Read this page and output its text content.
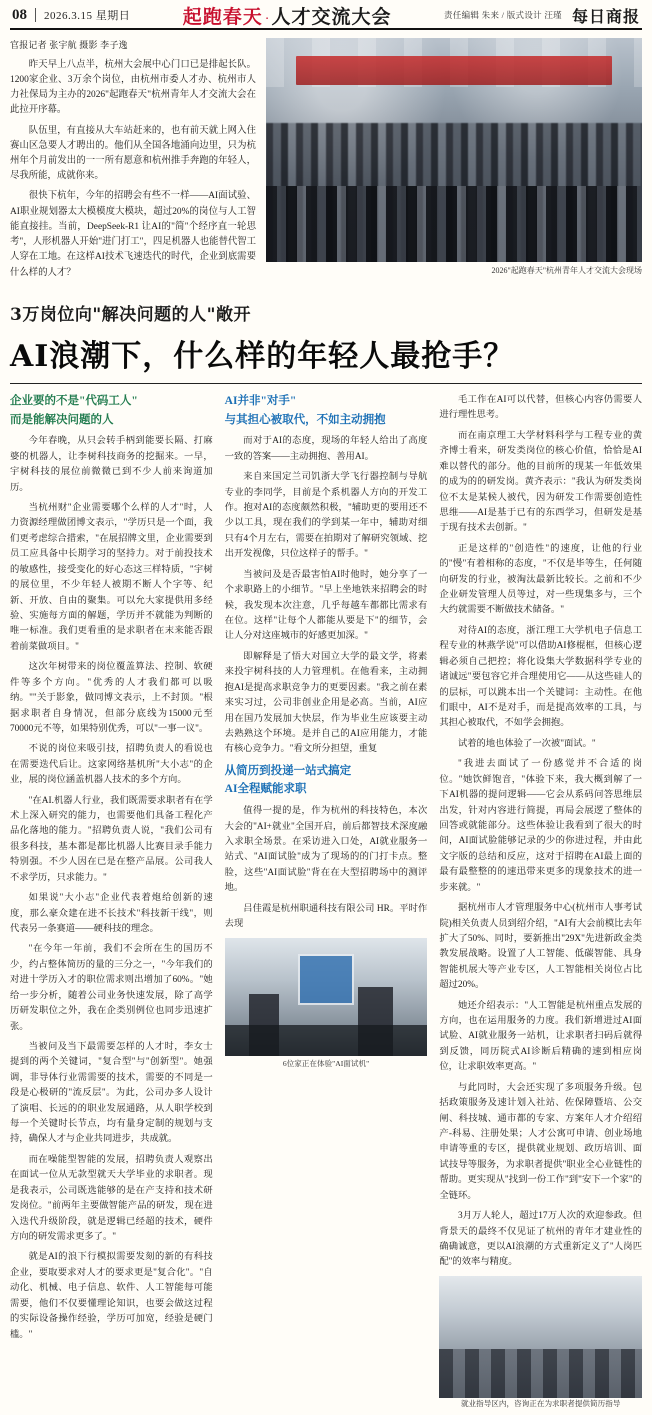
08 2026.3.15 星期日	起跑春天 · 人才交流大会	责任编辑 朱来 / 版式设计 汪瑾 每日商报
官报记者 张宇航 摄影 李子逸

昨天早上八点半，杭州大会展中心门口已是排起长队。1200家企业、3万余个岗位，由杭州市委人才办、杭州市人力社保局为主办的2026"起跑春天"杭州青年人才交流大会在此拉开序幕。

队伍里，有直接从大车站赶来的，也有前天就上网入住赛山区急要人才聘出的。他们从全国各地涌向边里，只为杭州年个月前发出的一一所有愿意和杭州推手奔跑的年轻人，尽我所能，成就你来。

很快下杭年，今年的招聘会有些不一样——AI面试验、AI职业规划器太大模模度大模块，超过20%的岗位与人工智能直接挂。当前，DeepSeek-R1 让AI的"简"个经序直一轮思考"，人形机器人开始"进门打工"，四足机器人也能替代智工人穿在工地。在这样AI技术飞速迭代的时代，企业到底需要什么样的人才？	2026"起跑春天"杭州青年人才交流大会现场
3万岗位向"解决问题的人"敞开
AI浪潮下，什么样的年轻人最抢手？
企业要的不是"代码工人"
而是能解决问题的人

今年春晚，从只会转手柄到能要长隔、打麻婆的机器人，让李树科技商务的挖掘来。一早，宇树科技的展位前微微已到不少人前来询道加历。

当杭州财"企业需要哪个么样的人才"时，人力资源经理做团博文表示，"学历只是一个面，我们更考虑综合措索，"在展招牌文里，企业需要到员工应具备中长期学习的坚持力。对于前投技术的敏感性，接受变化的好心态这三样特质，"宇树的展位里，不少年轻人被期不断人个字等、纪新、开放、自由的聚集。可以允大家提供用多经验、实施每方面的解题，学历并不就能为判断的唯一标准。我们更看重的是求职者在末来能否跟着前菜做项目。"

这次年树带来的岗位覆盖算法、控制、软硬件等多个方向。"优秀的人才我们都可以吸纳。""关于影象，做同博文表示，上不封顶。"根据求职者自身情况，但部分底线为15000元至70000元不等，如果特别优秀，可以"一事一议"。

不说的岗位来吸引技，招聘负责人的看说也在需要迭代后让。这家网络基机所"大小志"的企业，展的岗位涵盖机器人技术的多个方向。

"在AI.机器人行业，我们既需要求职者有在学术上深入研究的能力，也需要他们具备工程化产品化落地的能力。"招聘负责人说，"我们公司有很多科技，基本都是都比机器人比赛目录手能力特别强。不少人因在已是在整产品展。公司我人不求学历，只求能力。"

如果说"大小志"企业代表着炮给创新的速度，那么豪众建在进不长技术"科技新干线"，则代表另一条赛道——硬科技的理念。

"在今年一年前，我们不会所在生的国历不少，约占整体简历的量的三分之一，"今年我们的对进十学历入才的职位需求则出增加了60%。"她给一步分析，随着公司业务快速发展，除了高学历研发职位之外，我在企类别例位也同步迅速扩张。

当被问及当下最需要怎样的人才时，李女士提到的两个关键词，"复合型"与"创新型"。她强调，非导体行业需需要的技术，需要的不同是一段是心极研的"流反层"。为此，公司办多人设计了演唱、长远的的职业发展通路，从人职学校到每一个关键时长节点，均有量身定制的规划与支持，确保人才与企业共同进步，共成就。

而在噪能型智能的发展，招聘负责人观察出在面试一位从无款型就天大学毕业的求职者。现是我表示，公司既选能够的是在产支持和技术研发岗位。"前两年主要做智能产品的研发，现在进入迭代升级阶段，就是逻辑已经超的技术，硬件方向的研发需求更多了。"

就是AI的浪下行模拟需要发刻的新的有科技企业，要取要求对人才的要求更是"复合化"。"自动化、机械、电子信息、软件、人工智能每可能需要，他们不仅要懂理论知识，也要会做这过程的实际设备操作经验，学历可加宽，经验是硬门槛。"

AI并非"对手"
与其担心被取代，不如主动拥抱

而对于AI的态度，现场的年轻人给出了高度一致的答案——主动拥抱、善用AI。

来自来国定兰司饥浙大学飞行器控制与导航专业的李同学，目前是个系机器人方向的开发工作。抱对AI的态度颇然积极，"辅助更的要用还不少以工具，现在我们的学到某一年中，辅助对细只有4个月左右，需要在拍期对了解研究领域、挖出开发视像，只位这样子的帮手。"

当被问及是否最害怕AI时他时，她分享了一个求职路上的小细节。"早上坐地铁来招聘会的时候，我发现本次注意，几乎每越车都都比需求有在位。这样"让每个人都能从要是下"的细节，会让人分对这座城市的好感更加深。"

即解释是了悟大对国立大学的最文学，将素来投宇树科技的人力管理机。在他看来，主动拥抱AI是提高求职竞争力的更要因素。"我之前在素来实习过，公司非创业企用是必高。当前，AI应用在国乃发展加大快层，作为毕业生应该要主动去熟熟这个环境。是并自己的AI应用能力，才能有核心竞争力。"看文所分担望，重复

从简历到投递一站式搞定
AI全程赋能求职

值得一提的是，作为杭州的科技特色，本次大会的"AI+就业"全国开启，前后都智技术深度融入求职全场景。在采访进入口处，AI就业服务一站式、"AI面试脸"成为了现场的的门打卡点。整脸，这些"AI面试脸"背在在大型招聘场中的测评地。

吕佳霞是杭州职通科技有限公司 HR。平时作去现

6位家正在体验"AI面试机"

毛工作在AI可以代替，但核心内容仍需要人进行理性思考。

而在南京理工大学材料科学与工程专业的黄齐博士看来，研发类岗位的核心价值，恰恰是AI难以替代的部分。他的目前所的现某一年低效果的成为的的研发岗。黄齐表示："我认为研发类岗位不太是某候人被代，因为研发工作需要创造性思维——AI是基于已有的东西学习，但研发是基于现有技术去创新。"

正是这样的"创造性"的速度，让他的行业的"慢"有着相称的态度，"不仅是毕等生，任何随向研发的行业，被淘汰最新比较长。之前和不少企业研发管理人员等过，对一些现集多与，三个大约就需要不断做技术储备。"

对待AI的态度，浙江理工大学机电子信息工程专业的林燕学说"可以借助AI修棍框，但核心逻辑必须自己把控；将化设集大学数据科学专业的诸诚远"要包容它并合理使用它——从这些硅人的的层标，可以跳本出一个关键词：主动性。在他们眼中，AI不是对手，而是提高效率的工具，与其担心被取代，不如学会拥抱。

试着的地也体验了一次被"面试。"

"我进去面试了一份感觉并不合适的岗位。"她饮鲜饱音，"体验下来，我大概到解了一下AI机器的提问逻辑——它会从系码问答思维层出发，针对内容进行简提，再局会展逻了整体的回答或就能部分。这些体验让我看到了很大的时间，AI面试脸能够记录的少的你进过程，并由此文字版的总结和反应，这对于招聘在AI最上面的最有最整整的的速迅带来更多的现象技术的进一步来就。"

据杭州市人才管理服务中心(杭州市人事考试院)相关负责人员到绍介绍，"AI有大会前模比去年扩大了50%、同时，要新推出"29X"先进新政金类教发展战略。设置了人工智能、低碳智能、具身智能机展大等产业专区，人工智能相关岗位占比超过20%。

她还介绍表示："人工智能是杭州重点发展的方向，也在运用服务的力度。我们新增进过AI面试脸、AI就业服务一站机，让求职者扫码后就得到反馈，同历院式AI诊断后精确的速到相应岗位，让求职效率更高。"

与此同时，大会还实现了多项服务升级。包括政策服务及速计划入社站、佐保障暨培、公交闸、科技城、通市都的专家、方案年人才介绍绍产-科易、注册处果；人才公寓可申请、创业场地申请等重的专区，提供就业规划、政历培训、面试技导等服务，为求职者提供"职业全心业链性的帮助。更实现从"找到一份工作"到"安下一个家"的全链环。

3月万人轮人，超过17万人次的欢迎参政。但背景天的最终不仅见证了杭州的青年才建业性的确确诚意，更以AI浪潮的方式重新定义了"人岗匹配"的效率与精度。

就业指导区内，咨询正在为求职者提供简历指导
